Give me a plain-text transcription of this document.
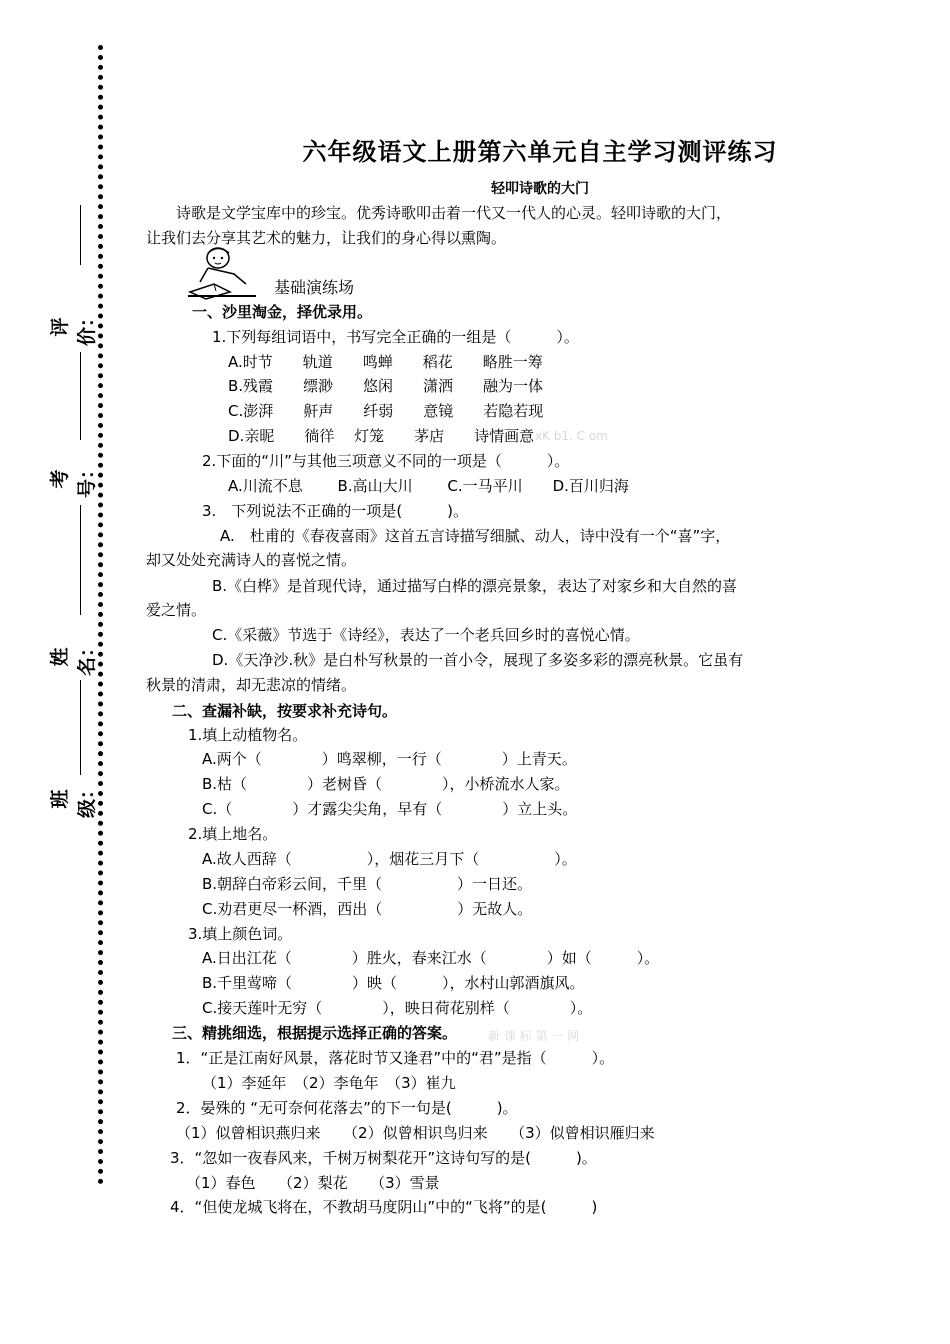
评价：
考号：
姓名：
班级：
六年级语文上册第六单元自主学习测评练习
轻叩诗歌的大门
诗歌是文学宝库中的珍宝。优秀诗歌叩击着一代又一代人的心灵。轻叩诗歌的大门，
让我们去分享其艺术的魅力，让我们的身心得以熏陶。
基础演练场
一、沙里淘金，择优录用。
1.下列每组词语中，书写完全正确的一组是（　　　）。
A.时节　　轨道　　鸣蝉　　稻花　　略胜一筹
B.残霞　　缥渺　　悠闲　　潇洒　　融为一体
C.澎湃　　鼾声　　纤弱　　意镜　　若隐若现
D.亲昵　　徜徉　 灯笼　　茅店　　诗情画意 xK b1. C om
2.下面的“川”与其他三项意义不同的一项是（　　　）。
A.川流不息　　 B.高山大川　　 C.一马平川　　D.百川归海
3.　下列说法不正确的一项是(　　　)。
A.　杜甫的《春夜喜雨》这首五言诗描写细腻、动人，诗中没有一个“喜”字，
却又处处充满诗人的喜悦之情。
B.《白桦》是首现代诗，通过描写白桦的漂亮景象，表达了对家乡和大自然的喜
爱之情。
C.《采薇》节选于《诗经》，表达了一个老兵回乡时的喜悦心情。
D.《天净沙.秋》是白朴写秋景的一首小令，展现了多姿多彩的漂亮秋景。它虽有
秋景的清肃，却无悲凉的情绪。
二、查漏补缺，按要求补充诗句。
1.填上动植物名。
A.两个（　　　　）鸣翠柳，一行（　　　　）上青天。
B.枯（　　　　）老树昏（　　　　），小桥流水人家。
C.（　　　　）才露尖尖角，早有（　　　　）立上头。
2.填上地名。
A.故人西辞（　　　　　），烟花三月下（　　　　　）。
B.朝辞白帝彩云间，千里（　　　　　）一日还。
C.劝君更尽一杯酒，西出（　　　　　）无故人。
3.填上颜色词。
A.日出江花（　　　　）胜火，春来江水（　　　　）如（　　　）。
B.千里莺啼（　　　　）映（　　　），水村山郭酒旗风。
C.接天莲叶无穷（　　　　），映日荷花别样（　　　　）。
三、精挑细选，根据提示选择正确的答案。	新 课 标 第 一 网
1．“正是江南好风景，落花时节又逢君”中的“君”是指（　　　）。
（1）李延年　（2）李龟年　（3）崔九
2．晏殊的 “无可奈何花落去”的下一句是(　　　)。
（1）似曾相识燕归来　　（2）似曾相识鸟归来　　（3）似曾相识雁归来
3．“忽如一夜春风来，千树万树梨花开”这诗句写的是(　　　)。
（1）春色　　（2）梨花　　（3）雪景
4．“但使龙城飞将在，不教胡马度阴山”中的“飞将”的是(　　　)
